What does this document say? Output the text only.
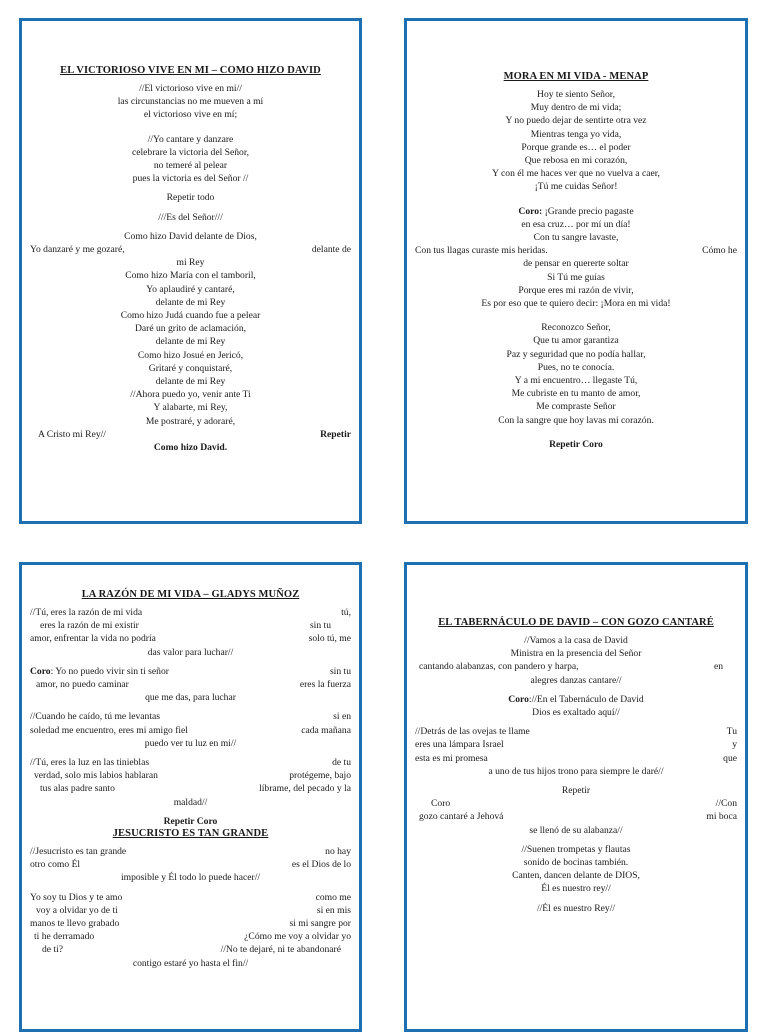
EL VICTORIOSO VIVE EN MI – COMO HIZO DAVID
//El victorioso vive en mi//
las circunstancias no me mueven a mí
el victorioso vive en mí;
//Yo cantare y danzare
celebrare la victoria del Señor,
no temeré al pelear
pues la victoria es del Señor //
Repetir todo
///Es del Señor///
Como hizo David delante de Dios,
Yo danzaré y me gozaré,	delante de
mi Rey
Como hizo María con el tamboril,
Yo aplaudiré y cantaré,
delante de mi Rey
Como hizo Judá cuando fue a pelear
Daré un grito de aclamación,
delante de mi Rey
Como hizo Josué en Jericó,
Gritaré y conquistaré,
delante de mi Rey
//Ahora puedo yo, venir ante Ti
Y alabarte, mi Rey,
Me postraré, y adoraré,
A Cristo mi Rey//	Repetir
Como hizo David.
MORA EN MI VIDA - MENAP
Hoy te siento Señor,
Muy dentro de mi vida;
Y no puedo dejar de sentirte otra vez
Mientras tenga yo vida,
Porque grande es… el poder
Que rebosa en mi corazón,
Y con él me haces ver que no vuelva a caer,
¡Tú me cuidas Señor!
Coro: ¡Grande precio pagaste
en esa cruz… por mí un día!
Con tu sangre lavaste,
Con tus llagas curaste mis heridas.	Cómo he
de pensar en quererte soltar
Si Tú me guías
Porque eres mi razón de vivir,
Es por eso que te quiero decir: ¡Mora en mi vida!
Reconozco Señor,
Que tu amor garantiza
Paz y seguridad que no podía hallar,
Pues, no te conocía.
Y a mi encuentro… llegaste Tú,
Me cubriste en tu manto de amor,
Me compraste Señor
Con la sangre que hoy lavas mi corazón.
Repetir Coro
LA RAZÓN DE MI VIDA – GLADYS MUÑOZ
//Tú, eres la razón de mi vida	tú,
eres la razón de mi existir	sin tu
amor, enfrentar la vida no podría	solo tú, me
das valor para luchar//
Coro: Yo no puedo vivir sin ti señor	sin tu
amor, no puedo caminar	eres la fuerza
que me das, para luchar
//Cuando he caído, tú me levantas	si en
soledad me encuentro, eres mi amigo fiel	cada mañana
puedo ver tu luz en mi//
//Tú, eres la luz en las tinieblas	de tu
verdad, solo mis labios hablaran	protégeme, bajo
tus alas padre santo	líbrame, del pecado y la
maldad//
Repetir Coro
JESUCRISTO ES TAN GRANDE
//Jesucristo es tan grande	no hay
otro como Él	es el Dios de lo
imposible y Él todo lo puede hacer//
Yo soy tu Dios y te amo	como me
voy a olvidar yo de ti	si en mis
manos te llevo grabado	si mi sangre por
ti he derramado	¿Cómo me voy a olvidar yo
de ti?	//No te dejaré, ni te abandonaré
contigo estaré yo hasta el fin//
EL TABERNÁCULO DE DAVID – CON GOZO CANTARÉ
//Vamos a la casa de David
Ministra en la presencia del Señor
cantando alabanzas, con pandero y harpa,	en
alegres danzas cantare//
Coro://En el Tabernáculo de David
Dios es exaltado aquí//
//Detrás de las ovejas te llame	Tu
eres una lámpara Israel	y
esta es mi promesa	que
a uno de tus hijos trono para siempre le daré//
Repetir
Coro	//Con
gozo cantaré a Jehová	mi boca
se llenó de su alabanza//
//Suenen trompetas y flautas
sonido de bocinas también.
Canten, dancen delante de DIOS,
Él es nuestro rey//
//Él es nuestro Rey//
